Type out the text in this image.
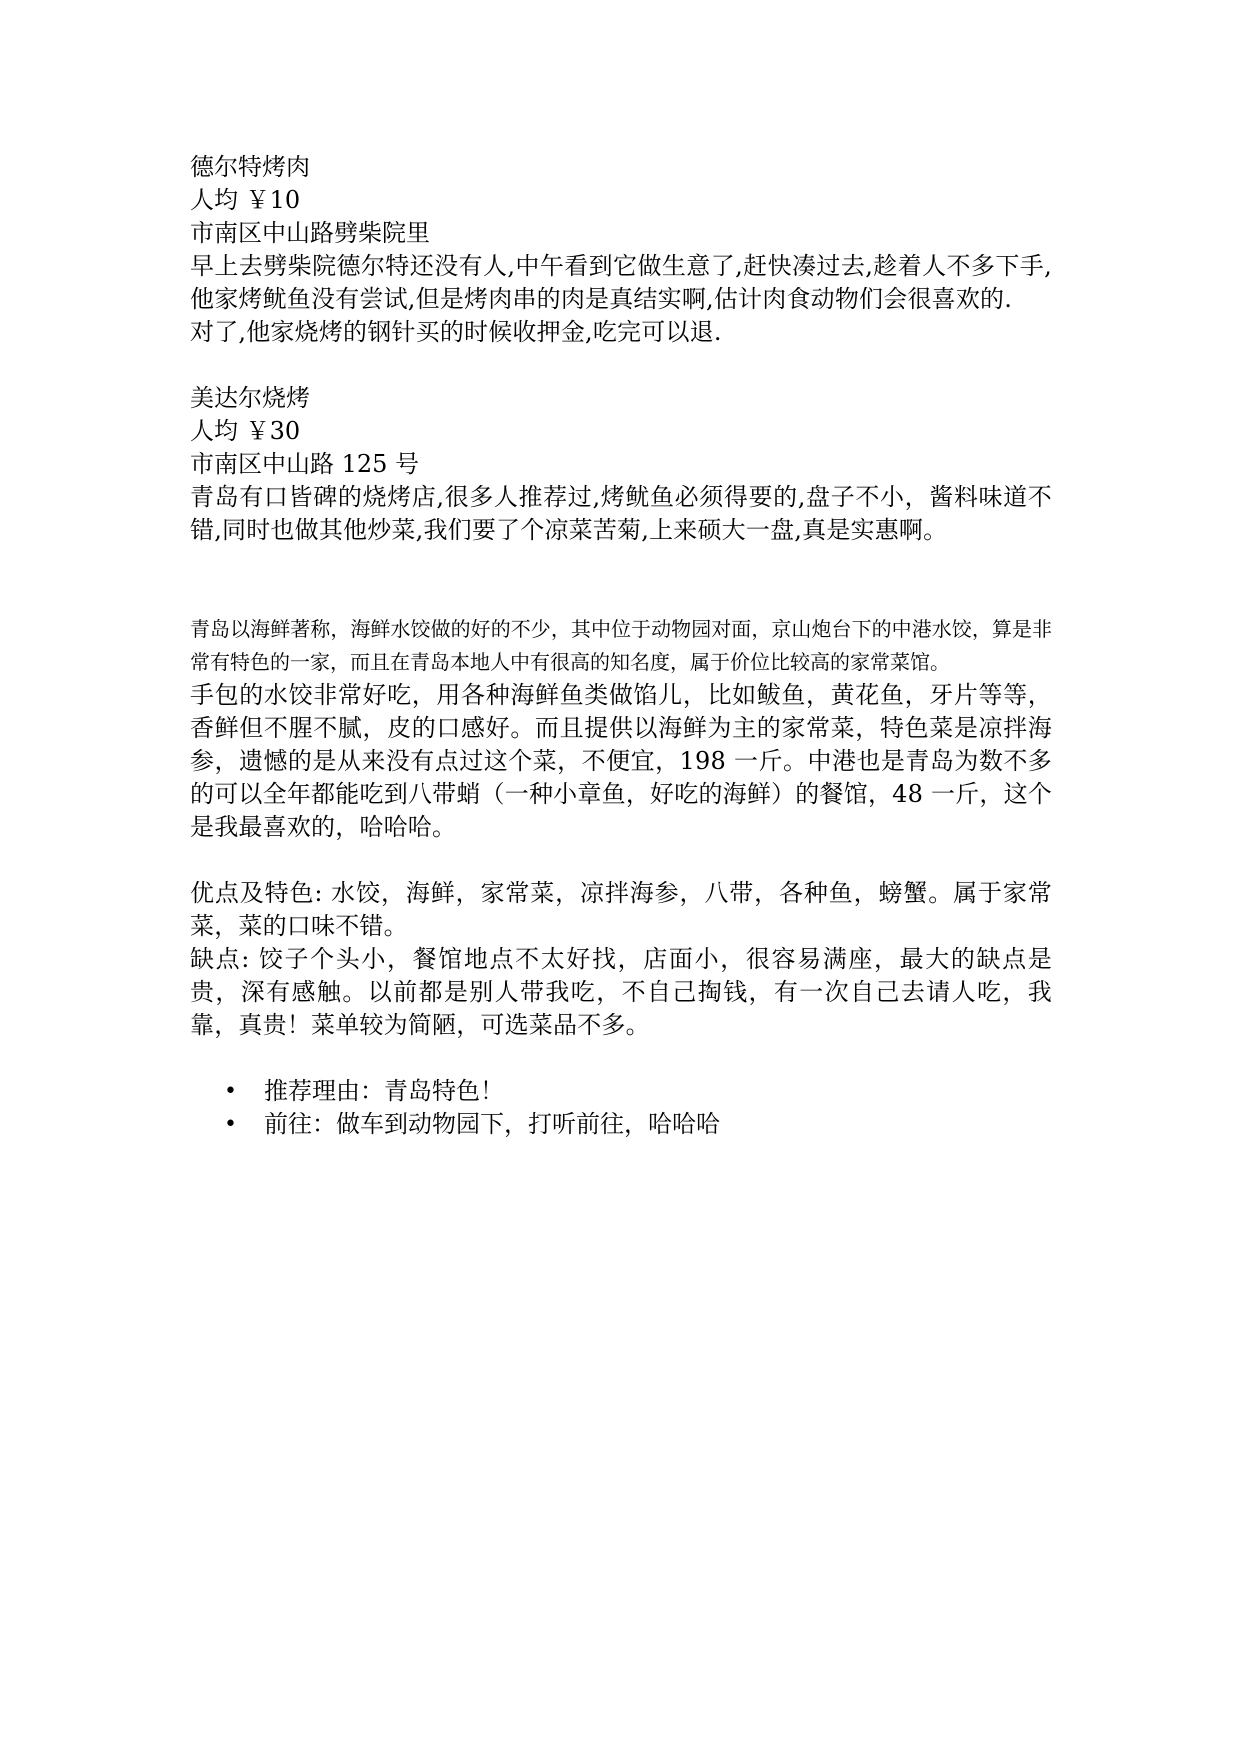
德尔特烤肉

人均 ￥10

市南区中山路劈柴院里

早上去劈柴院德尔特还没有人,中午看到它做生意了,赶快凑过去,趁着人不多下手,他家烤鱿鱼没有尝试,但是烤肉串的肉是真结实啊,估计肉食动物们会很喜欢的.

对了,他家烧烤的钢针买的时候收押金,吃完可以退.

美达尔烧烤

人均 ￥30

市南区中山路 125 号

青岛有口皆碑的烧烤店,很多人推荐过,烤鱿鱼必须得要的,盘子不小，酱料味道不错,同时也做其他炒菜,我们要了个凉菜苦菊,上来硕大一盘,真是实惠啊。

青岛以海鲜著称，海鲜水饺做的好的不少，其中位于动物园对面，京山炮台下的中港水饺，算是非常有特色的一家，而且在青岛本地人中有很高的知名度，属于价位比较高的家常菜馆。

手包的水饺非常好吃，用各种海鲜鱼类做馅儿，比如鲅鱼，黄花鱼，牙片等等，香鲜但不腥不腻，皮的口感好。而且提供以海鲜为主的家常菜，特色菜是凉拌海参，遗憾的是从来没有点过这个菜，不便宜，198 一斤。中港也是青岛为数不多的可以全年都能吃到八带蛸（一种小章鱼，好吃的海鲜）的餐馆，48 一斤，这个是我最喜欢的，哈哈哈。

优点及特色: 水饺，海鲜，家常菜，凉拌海参，八带，各种鱼，螃蟹。属于家常菜，菜的口味不错。

缺点: 饺子个头小，餐馆地点不太好找，店面小，很容易满座，最大的缺点是贵，深有感触。以前都是别人带我吃，不自己掏钱，有一次自己去请人吃，我靠，真贵！菜单较为简陋，可选菜品不多。

• 推荐理由：青岛特色！
• 前往：做车到动物园下，打听前往，哈哈哈
